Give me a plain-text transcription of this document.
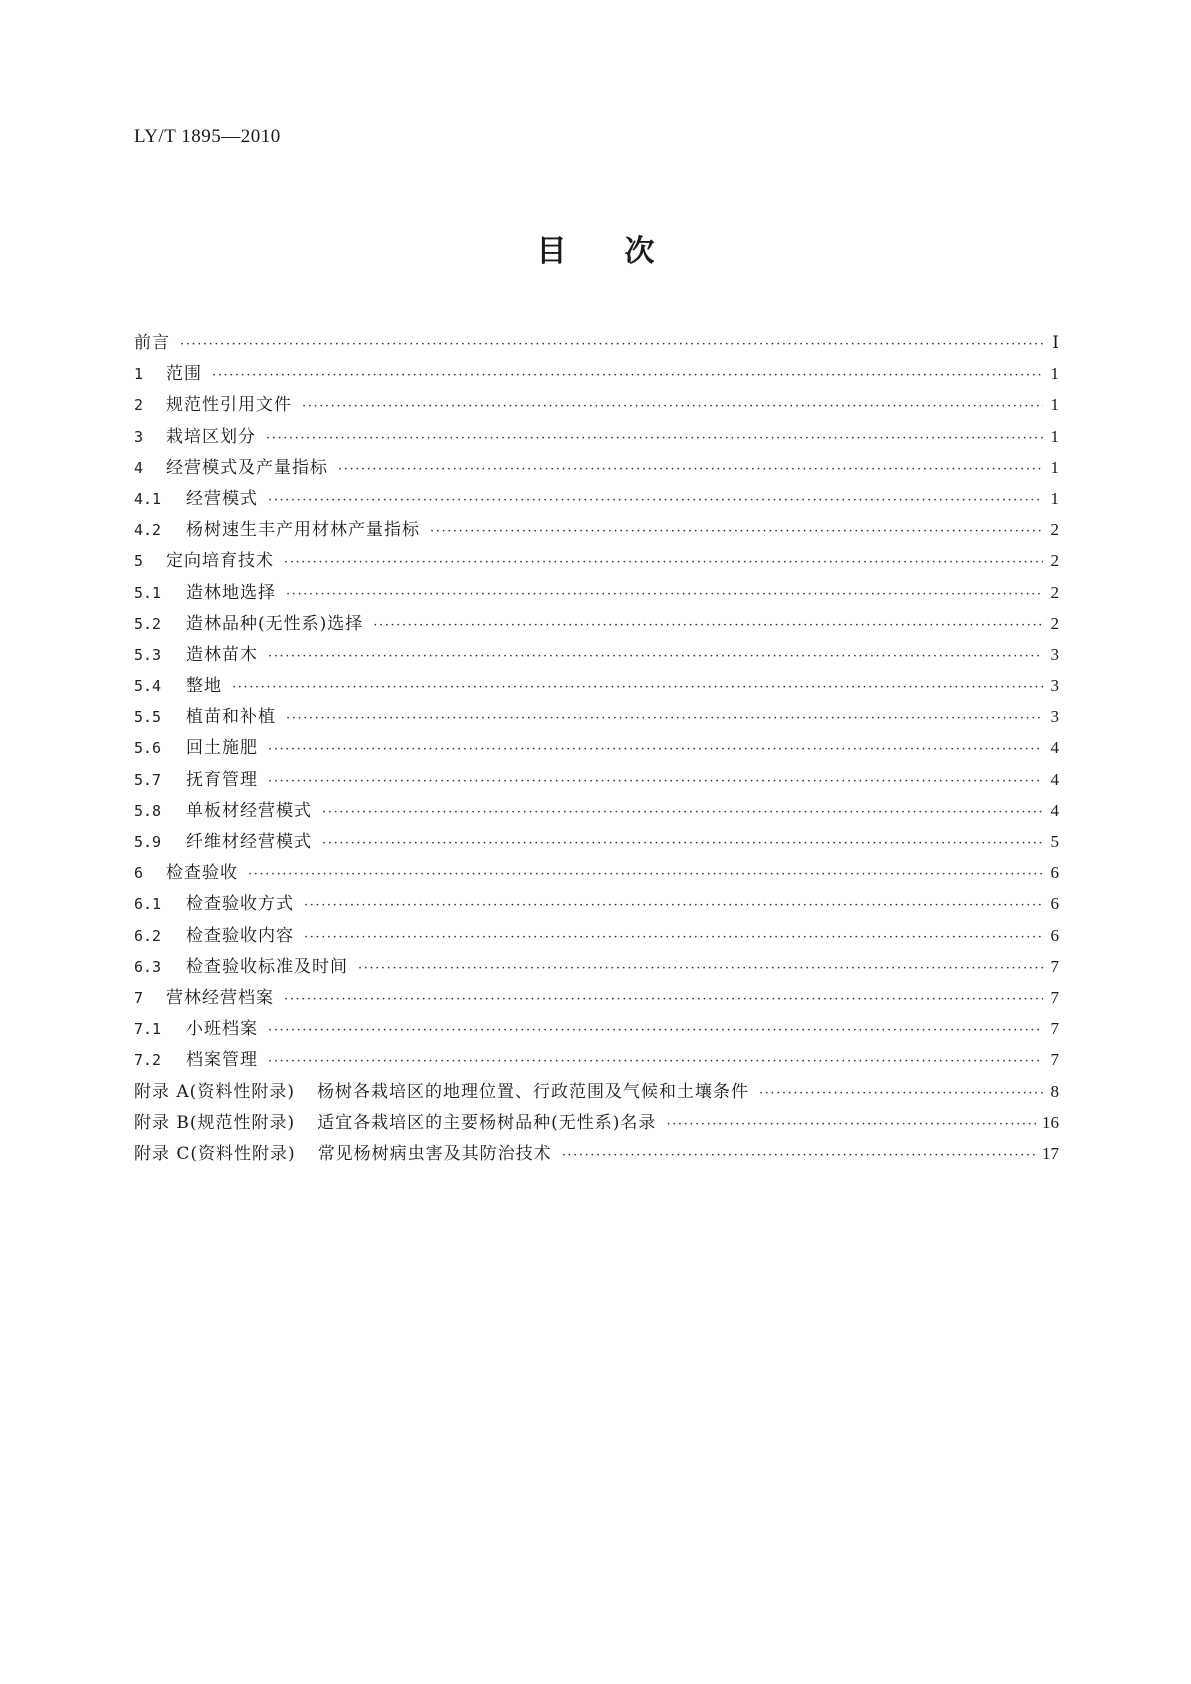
LY/T 1895—2010
目 次
前言 ·····	Ⅰ
1	范围 ·····	1
2	规范性引用文件 ·····	1
3	栽培区划分 ·····	1
4	经营模式及产量指标 ·····	1
4.1	经营模式 ·····	1
4.2	杨树速生丰产用材林产量指标 ·····	2
5	定向培育技术 ·····	2
5.1	造林地选择 ·····	2
5.2	造林品种(无性系)选择 ·····	2
5.3	造林苗木 ·····	3
5.4	整地 ·····	3
5.5	植苗和补植 ·····	3
5.6	回土施肥 ·····	4
5.7	抚育管理 ·····	4
5.8	单板材经营模式 ·····	4
5.9	纤维材经营模式 ·····	5
6	检查验收 ·····	6
6.1	检查验收方式 ·····	6
6.2	检查验收内容 ·····	6
6.3	检查验收标准及时间 ·····	7
7	营林经营档案 ·····	7
7.1	小班档案 ·····	7
7.2	档案管理 ·····	7
附录 A(资料性附录) 杨树各栽培区的地理位置、行政范围及气候和土壤条件 ·····	8
附录 B(规范性附录) 适宜各栽培区的主要杨树品种(无性系)名录 ·····	16
附录 C(资料性附录) 常见杨树病虫害及其防治技术 ·····	17
